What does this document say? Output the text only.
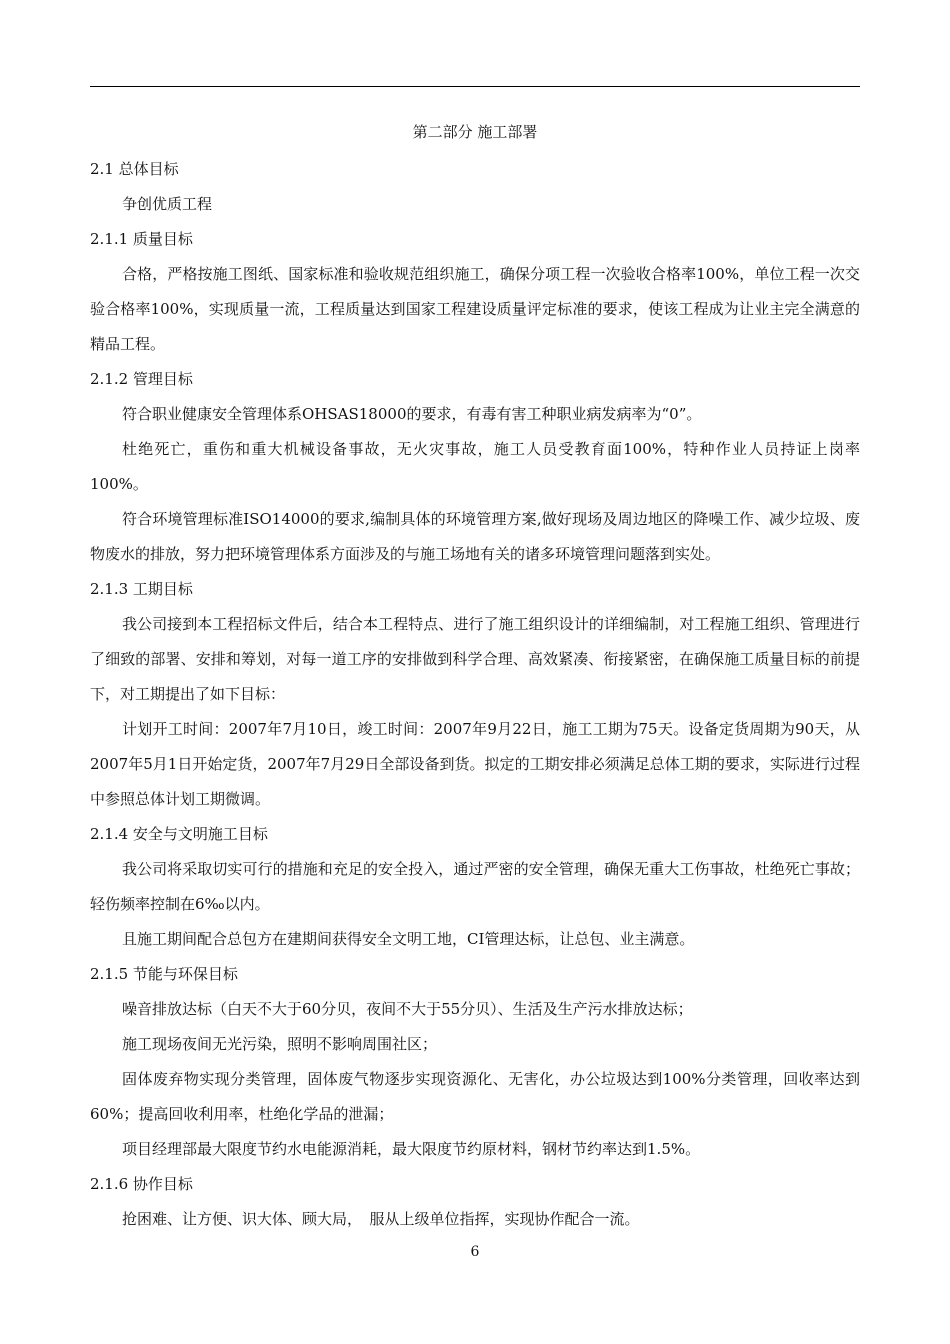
第二部分 施工部署

2.1 总体目标

争创优质工程

2.1.1 质量目标

合格，严格按施工图纸、国家标准和验收规范组织施工，确保分项工程一次验收合格率100%，单位工程一次交验合格率100%，实现质量一流，工程质量达到国家工程建设质量评定标准的要求，使该工程成为让业主完全满意的精品工程。

2.1.2 管理目标

符合职业健康安全管理体系OHSAS18000的要求，有毒有害工种职业病发病率为“0”。

杜绝死亡，重伤和重大机械设备事故，无火灾事故，施工人员受教育面100%，特种作业人员持证上岗率100%。

符合环境管理标准ISO14000的要求,编制具体的环境管理方案,做好现场及周边地区的降噪工作、减少垃圾、废物废水的排放，努力把环境管理体系方面涉及的与施工场地有关的诸多环境管理问题落到实处。

2.1.3 工期目标

我公司接到本工程招标文件后，结合本工程特点、进行了施工组织设计的详细编制，对工程施工组织、管理进行了细致的部署、安排和筹划，对每一道工序的安排做到科学合理、高效紧凑、衔接紧密，在确保施工质量目标的前提下，对工期提出了如下目标：

计划开工时间：2007年7月10日，竣工时间：2007年9月22日，施工工期为75天。设备定货周期为90天，从2007年5月1日开始定货，2007年7月29日全部设备到货。拟定的工期安排必须满足总体工期的要求，实际进行过程中参照总体计划工期微调。

2.1.4 安全与文明施工目标

我公司将采取切实可行的措施和充足的安全投入，通过严密的安全管理，确保无重大工伤事故，杜绝死亡事故；轻伤频率控制在6‰以内。

且施工期间配合总包方在建期间获得安全文明工地，CI管理达标，让总包、业主满意。

2.1.5 节能与环保目标

噪音排放达标（白天不大于60分贝，夜间不大于55分贝）、生活及生产污水排放达标；

施工现场夜间无光污染，照明不影响周围社区；

固体废弃物实现分类管理，固体废气物逐步实现资源化、无害化，办公垃圾达到100%分类管理，回收率达到60%；提高回收利用率，杜绝化学品的泄漏；

项目经理部最大限度节约水电能源消耗，最大限度节约原材料，钢材节约率达到1.5%。

2.1.6 协作目标

抢困难、让方便、识大体、顾大局，　服从上级单位指挥，实现协作配合一流。

6
